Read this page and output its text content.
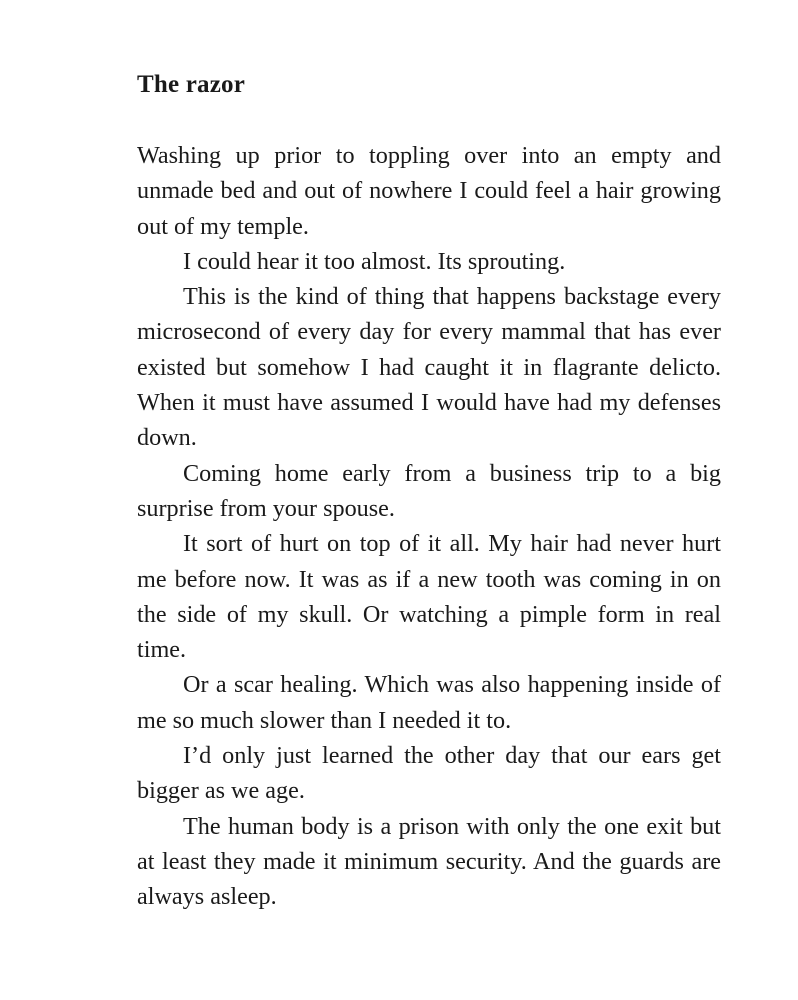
The razor

Washing up prior to toppling over into an empty and unmade bed and out of nowhere I could feel a hair growing out of my temple.

I could hear it too almost. Its sprouting.

This is the kind of thing that happens backstage every microsecond of every day for every mammal that has ever existed but somehow I had caught it in flagrante delicto. When it must have assumed I would have had my defenses down.

Coming home early from a business trip to a big surprise from your spouse.

It sort of hurt on top of it all. My hair had never hurt me before now. It was as if a new tooth was coming in on the side of my skull. Or watching a pimple form in real time.

Or a scar healing. Which was also happening inside of me so much slower than I needed it to.

I’d only just learned the other day that our ears get bigger as we age.

The human body is a prison with only the one exit but at least they made it minimum security. And the guards are always asleep.
